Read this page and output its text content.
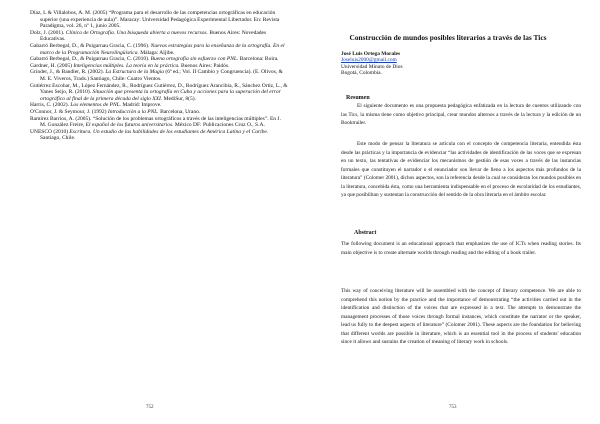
Díaz, L & Villalobos, A. M. (2005) “Programa para el desarrollo de las competencias ortográficas en educación superior (una experiencia de aula)”. Maracay: Universidad Pedagógica Experimental Libertador. En: Revista Paradigma, vol. 26, nº 1, junio 2005.

Dolz, J. (2001). Clínica de Ortografía. Una búsqueda abierta a nuevos recursos. Buenos Aires: Novedades Educativas.

Gabarró Berbegal, D., & Puigarnau Gracia, C. (1996). Nuevas estrategias para la enseñanza de la ortografía. En el marco de la Programación Neurolingüística. Málaga: Aljibe.

Gabarró Berbegal, D., & Puigarnau Gracia, C. (2010). Buena ortografía sin esfuerzo con PNL. Barcelona: Boira.

Gardner, H. (2005) Inteligencias múltiples. La teoría en la práctica. Buenos Aires: Paidós.

Grinder, J., & Bandler, R. (2002). La Estructura de la Magia (6ª ed.; Vol. II Cambio y Congruencia). (E. Olivos, & M. E. Viveros, Trads.) Santiago, Chile: Cuatro Vientos.

Gutiérrez Escobar, M., López Fernández, R., Rodríguez Gutiérrez, D., Rodríguez Arancibia, R., Sánchez Ortiz, L., & Yanes Seijo, R. (2010). Situación que presenta la ortografía en Cuba y acciones para la superación del error ortográfico al final de la primera década del siglo XXI. MediSur, 8(5).

Harris, C. (2002). Los elementos de PNL. Madrid: Improve.

O'Connor, J. & Seymour, J. (1992) Introducción a la PNL. Barcelona, Urano.

Ramírez Barrios, A. (2005). “Solución de los problemas ortográficos a través de las inteligencias múltiples”. En J. M. González Freire, El español de los futuros universitarios. México DF: Publicaciones Cruz O., S.A.

UNESCO (2010) Escritura. Un estudio de las habilidades de los estudiantes de América Latina y el Caribe. Santiago, Chile.

752
Construcción de mundos posibles literarios a través de las Tics
José Luis Ortega Morales
Joseluis2000@gmail.com
Universidad Minuto de Dios
Bogotá, Colombia.
Resumen

El siguiente documento es una propuesta pedagógica enfatizada en la lectura de cuentos utilizando con las Tics, la misma tiene como objetivo principal, crear mundos alternos a través de la lectura y la edición de un Booktrailer.

Este modo de pensar la literatura se articula con el concepto de competencia literaria, entendida ésta desde las prácticas y la importancia de evidenciar “las actividades de identificación de las voces que se expresan en un texto, las tentativas de evidenciar los mecanismos de gestión de esas voces a través de las instancias formales que constituyen el narrador o el enunciador son llevar de lleno a los aspectos más profundos de la literatura” (Colomer 2001), dichos aspectos, son la referencia desde la cual se consideran los mundos posibles en la literatura, concebida ésta, como una herramienta indispensable en el proceso de escolaridad de los estudiantes, ya que posibilitan y sustentan la construcción del sentido de la obra literaria en el ámbito escolar.

Abstract

The following document is an educational approach that emphasizes the use of ICTs when reading stories. Its main objective is to create alternate worlds through reading and the editing of a book trailer.

This way of conceiving literature will be assembled with the concept of literary competence. We are able to comprehend this notion by the practice and the importance of demonstrating “the activities carried out in the identification and distinction of the voices that are expressed in a text. The attempts to demonstrate the management processes of those voices through formal instances, which constitute the narrator or the speaker, lead us fully to the deepest aspects of literature” (Colomer 2001). These aspects are the foundation for believing that different worlds are possible in literature, which is an essential tool in the process of students' education since it allows and sustains the creation of meaning of literary work in schools.

753
